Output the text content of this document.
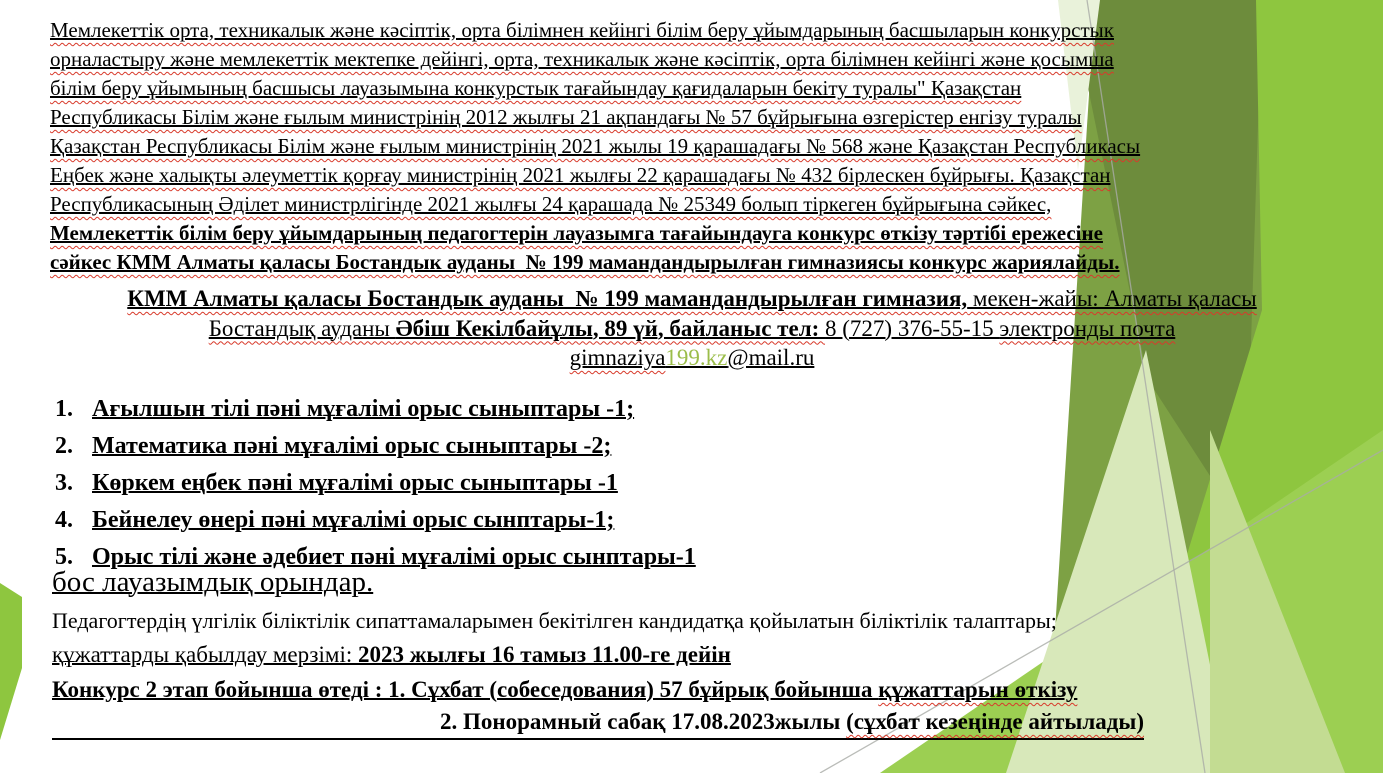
Мемлекеттік орта, техникалык және кәсіптік, орта білімнен кейінгі білім беру ұйымдарының басшыларын конкурстык
орналастыру және мемлекеттік мектепке дейінгі, орта, техникалык және кәсіптік, орта білімнен кейінгі және қосымша
білім беру ұйымының басшысы лауазымына конкурстык тағайындау қағидаларын бекіту туралы" Қазақстан
Республикасы Білім және ғылым министрінің 2012 жылғы 21 ақпандағы № 57 бұйрығына өзгерістер енгізу туралы
Қазақстан Республикасы Білім және ғылым министрінің 2021 жылы 19 қарашадағы № 568 және Қазақстан Республикасы
Еңбек және халықты әлеуметтік қорғау министрінің 2021 жылғы 22 қарашадағы № 432 бірлескен бұйрығы. Қазақстан
Республикасының Әділет министрлігінде 2021 жылғы 24 қарашада № 25349 болып тіркеген бұйрығына сәйкес,
Мемлекеттік білім беру ұйымдарының педагогтерін лауазымга тағайындауга конкурс өткізу тәртібі ережесіне
сәйкес КММ Алматы қаласы Бостандык ауданы  № 199 мамандандырылған гимназиясы конкурс жариялайды.
КММ Алматы қаласы Бостандык ауданы  № 199 мамандандырылған гимназия, мекен-жайы: Алматы қаласы
Бостандық ауданы Әбіш Кекілбайұлы, 89 үй, байланыс тел: 8 (727) 376-55-15 электронды почта
gimnaziya199.kz@mail.ru
1. Ағылшын тілі пәні мұғалімі орыс сыныптары -1;
2. Математика пәні мұғалімі орыс сыныптары -2;
3. Көркем еңбек пәні мұғалімі орыс сыныптары -1
4. Бейнелеу өнері пәні мұғалімі орыс сынптары-1;
5. Орыс тілі және әдебиет пәні мұғалімі орыс сынптары-1
бос лауазымдық орындар.
Педагогтердің үлгілік біліктілік сипаттамаларымен бекітілген кандидатқа қойылатын біліктілік талаптары;
құжаттарды қабылдау мерзімі: 2023 жылғы 16 тамыз 11.00-ге дейін
Конкурс 2 этап бойынша өтеді : 1. Сұхбат (собеседования) 57 бұйрық бойынша құжаттарын өткізу
2. Понорамный сабақ 17.08.2023жылы (сұхбат кезеңінде айтылады)
